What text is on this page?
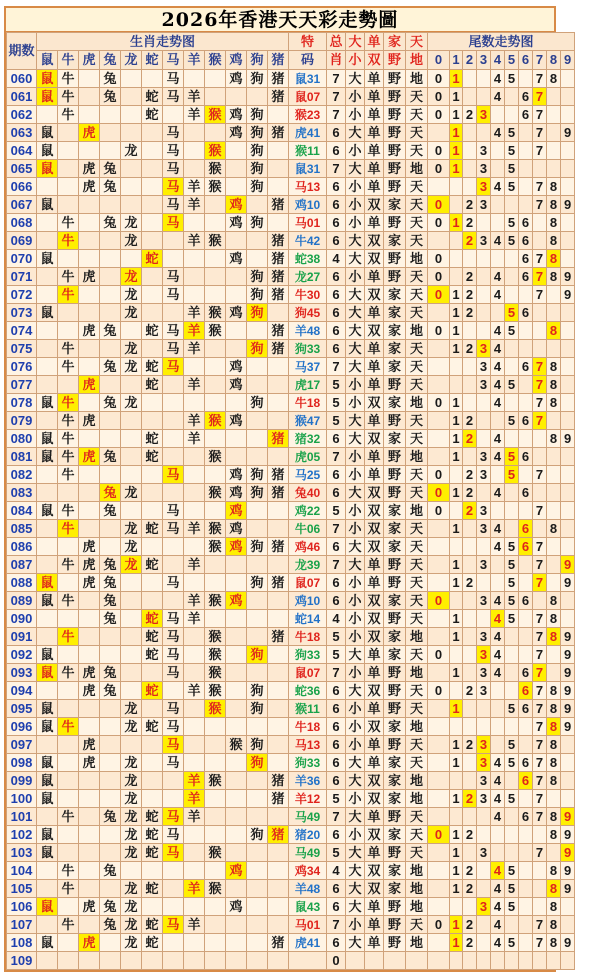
2026年香港天天彩走勢圖
期数	生肖走势图												特	总	大	单	家	天	尾数走势图									
	鼠	牛	虎	兔	龙	蛇	马	羊	猴	鸡	狗	猪	码	肖	小	双	野	地	0	1	2	3	4	5	6	7	8	9
060	鼠	牛		兔			马			鸡	狗	猪	鼠31	7	大	单	野	地	0	1			4	5		7	8	
061	鼠	牛		兔		蛇	马	羊				猪	鼠07	7	小	单	野	天	0	1			4		6	7		
062		牛				蛇		羊	猴	鸡	狗		猴23	7	小	单	野	天	0	1	2	3			6	7		
063	鼠		虎				马			鸡	狗	猪	虎41	6	大	单	野	天		1			4	5		7		9
064	鼠				龙		马		猴		狗		猴11	6	小	单	野	天	0	1		3		5		7		
065	鼠		虎	兔			马		猴		狗		鼠31	7	大	单	野	地	0	1		3		5				
066			虎	兔			马	羊	猴		狗		马13	6	小	单	野	天				3	4	5		7	8	
067	鼠						马	羊		鸡		猪	鸡10	6	小	双	家	天	0		2	3				7	8	9
068		牛		兔	龙		马			鸡	狗		马01	6	小	单	野	天	0	1	2			5	6		8	
069		牛			龙			羊	猴			猪	牛42	6	大	双	家	天			2	3	4	5	6		8	
070	鼠					蛇				鸡		猪	蛇38	4	大	双	野	地	0						6	7	8	
071		牛	虎		龙		马				狗	猪	龙27	6	小	单	野	天	0		2		4		6	7	8	9
072		牛			龙		马				狗	猪	牛30	6	大	双	家	天	0	1	2		4			7		9
073	鼠				龙			羊	猴	鸡	狗		狗45	6	大	单	家	天		1	2			5	6			
074			虎	兔		蛇	马	羊	猴			猪	羊48	6	大	双	家	地	0	1			4	5			8	
075		牛			龙		马	羊			狗	猪	狗33	6	大	单	家	天		1	2	3	4					
076		牛		兔	龙	蛇	马			鸡			马37	7	大	单	家	天				3	4		6	7	8	
077			虎			蛇		羊		鸡			虎17	5	小	单	野	天				3	4	5		7	8	
078	鼠	牛		兔	龙						狗		牛18	5	小	双	家	地	0	1			4			7	8	
079		牛	虎					羊	猴	鸡			猴47	5	大	单	野	天		1	2			5	6	7		
080	鼠	牛				蛇		羊				猪	猪32	6	大	双	家	天		1	2		4				8	9
081	鼠	牛	虎	兔		蛇			猴				虎05	7	小	单	野	地		1		3	4	5	6			
082		牛					马			鸡	狗	猪	马25	6	小	单	野	天	0		2	3		5		7		
083				兔	龙				猴	鸡	狗	猪	兔40	6	大	双	野	天	0	1	2		4		6			
084	鼠	牛		兔			马			鸡			鸡22	5	小	双	家	地	0		2	3				7		
085		牛			龙	蛇	马	羊	猴	鸡			牛06	7	小	双	家	天		1		3	4		6		8	
086			虎		龙				猴	鸡	狗	猪	鸡46	6	大	双	家	天					4	5	6	7		
087		牛	虎	兔	龙	蛇		羊					龙39	7	大	单	野	天		1		3		5		7		9
088	鼠		虎	兔			马				狗	猪	鼠07	6	小	单	野	天		1	2			5		7		9
089	鼠	牛		兔				羊	猴	鸡			鸡10	6	小	双	家	天	0			3	4	5	6		8	
090				兔		蛇	马	羊					蛇14	4	小	双	野	天		1			4	5		7	8	
091		牛				蛇	马		猴			猪	牛18	5	小	双	家	地		1		3	4			7	8	9
092	鼠					蛇	马		猴		狗		狗33	5	大	单	家	天	0			3	4			7		9
093	鼠	牛	虎	兔			马		猴				鼠07	7	小	单	野	地		1		3	4		6	7		9
094			虎	兔		蛇		羊	猴		狗		蛇36	6	大	双	野	天	0		2	3			6	7	8	9
095	鼠				龙		马		猴		狗		猴11	6	小	单	野	天		1				5	6	7	8	9
096	鼠	牛			龙	蛇	马						牛18	6	小	双	家	地								7	8	9
097			虎				马			猴	狗		马13	6	小	单	野	天		1	2	3		5		7	8	
098	鼠		虎		龙		马				狗		狗33	6	大	单	家	天		1		3	4	5	6	7	8	
099	鼠				龙			羊	猴			猪	羊36	6	大	双	家	地				3	4		6	7	8	
100	鼠				龙			羊				猪	羊12	5	小	双	家	地		1	2	3	4	5		7		
101		牛		兔	龙	蛇	马	羊					马49	7	大	单	野	天					4		6	7	8	9
102	鼠				龙	蛇	马				狗	猪	猪20	6	小	双	家	天	0	1	2						8	9
103	鼠				龙	蛇	马		猴				马49	5	大	单	野	天		1		3				7		9
104		牛		兔						鸡			鸡34	4	大	双	家	地		1	2		4	5			8	9
105		牛			龙	蛇		羊	猴				羊48	6	大	双	家	地		1	2		4	5			8	9
106	鼠		虎	兔	龙					鸡			鼠43	6	大	单	野	地				3	4	5			8	
107		牛		兔	龙	蛇	马	羊					马01	7	小	单	野	天	0	1	2		4			7	8	
108	鼠		虎		龙	蛇						猪	虎41	6	大	单	野	地		1	2		4	5		7	8	9
109														0														
